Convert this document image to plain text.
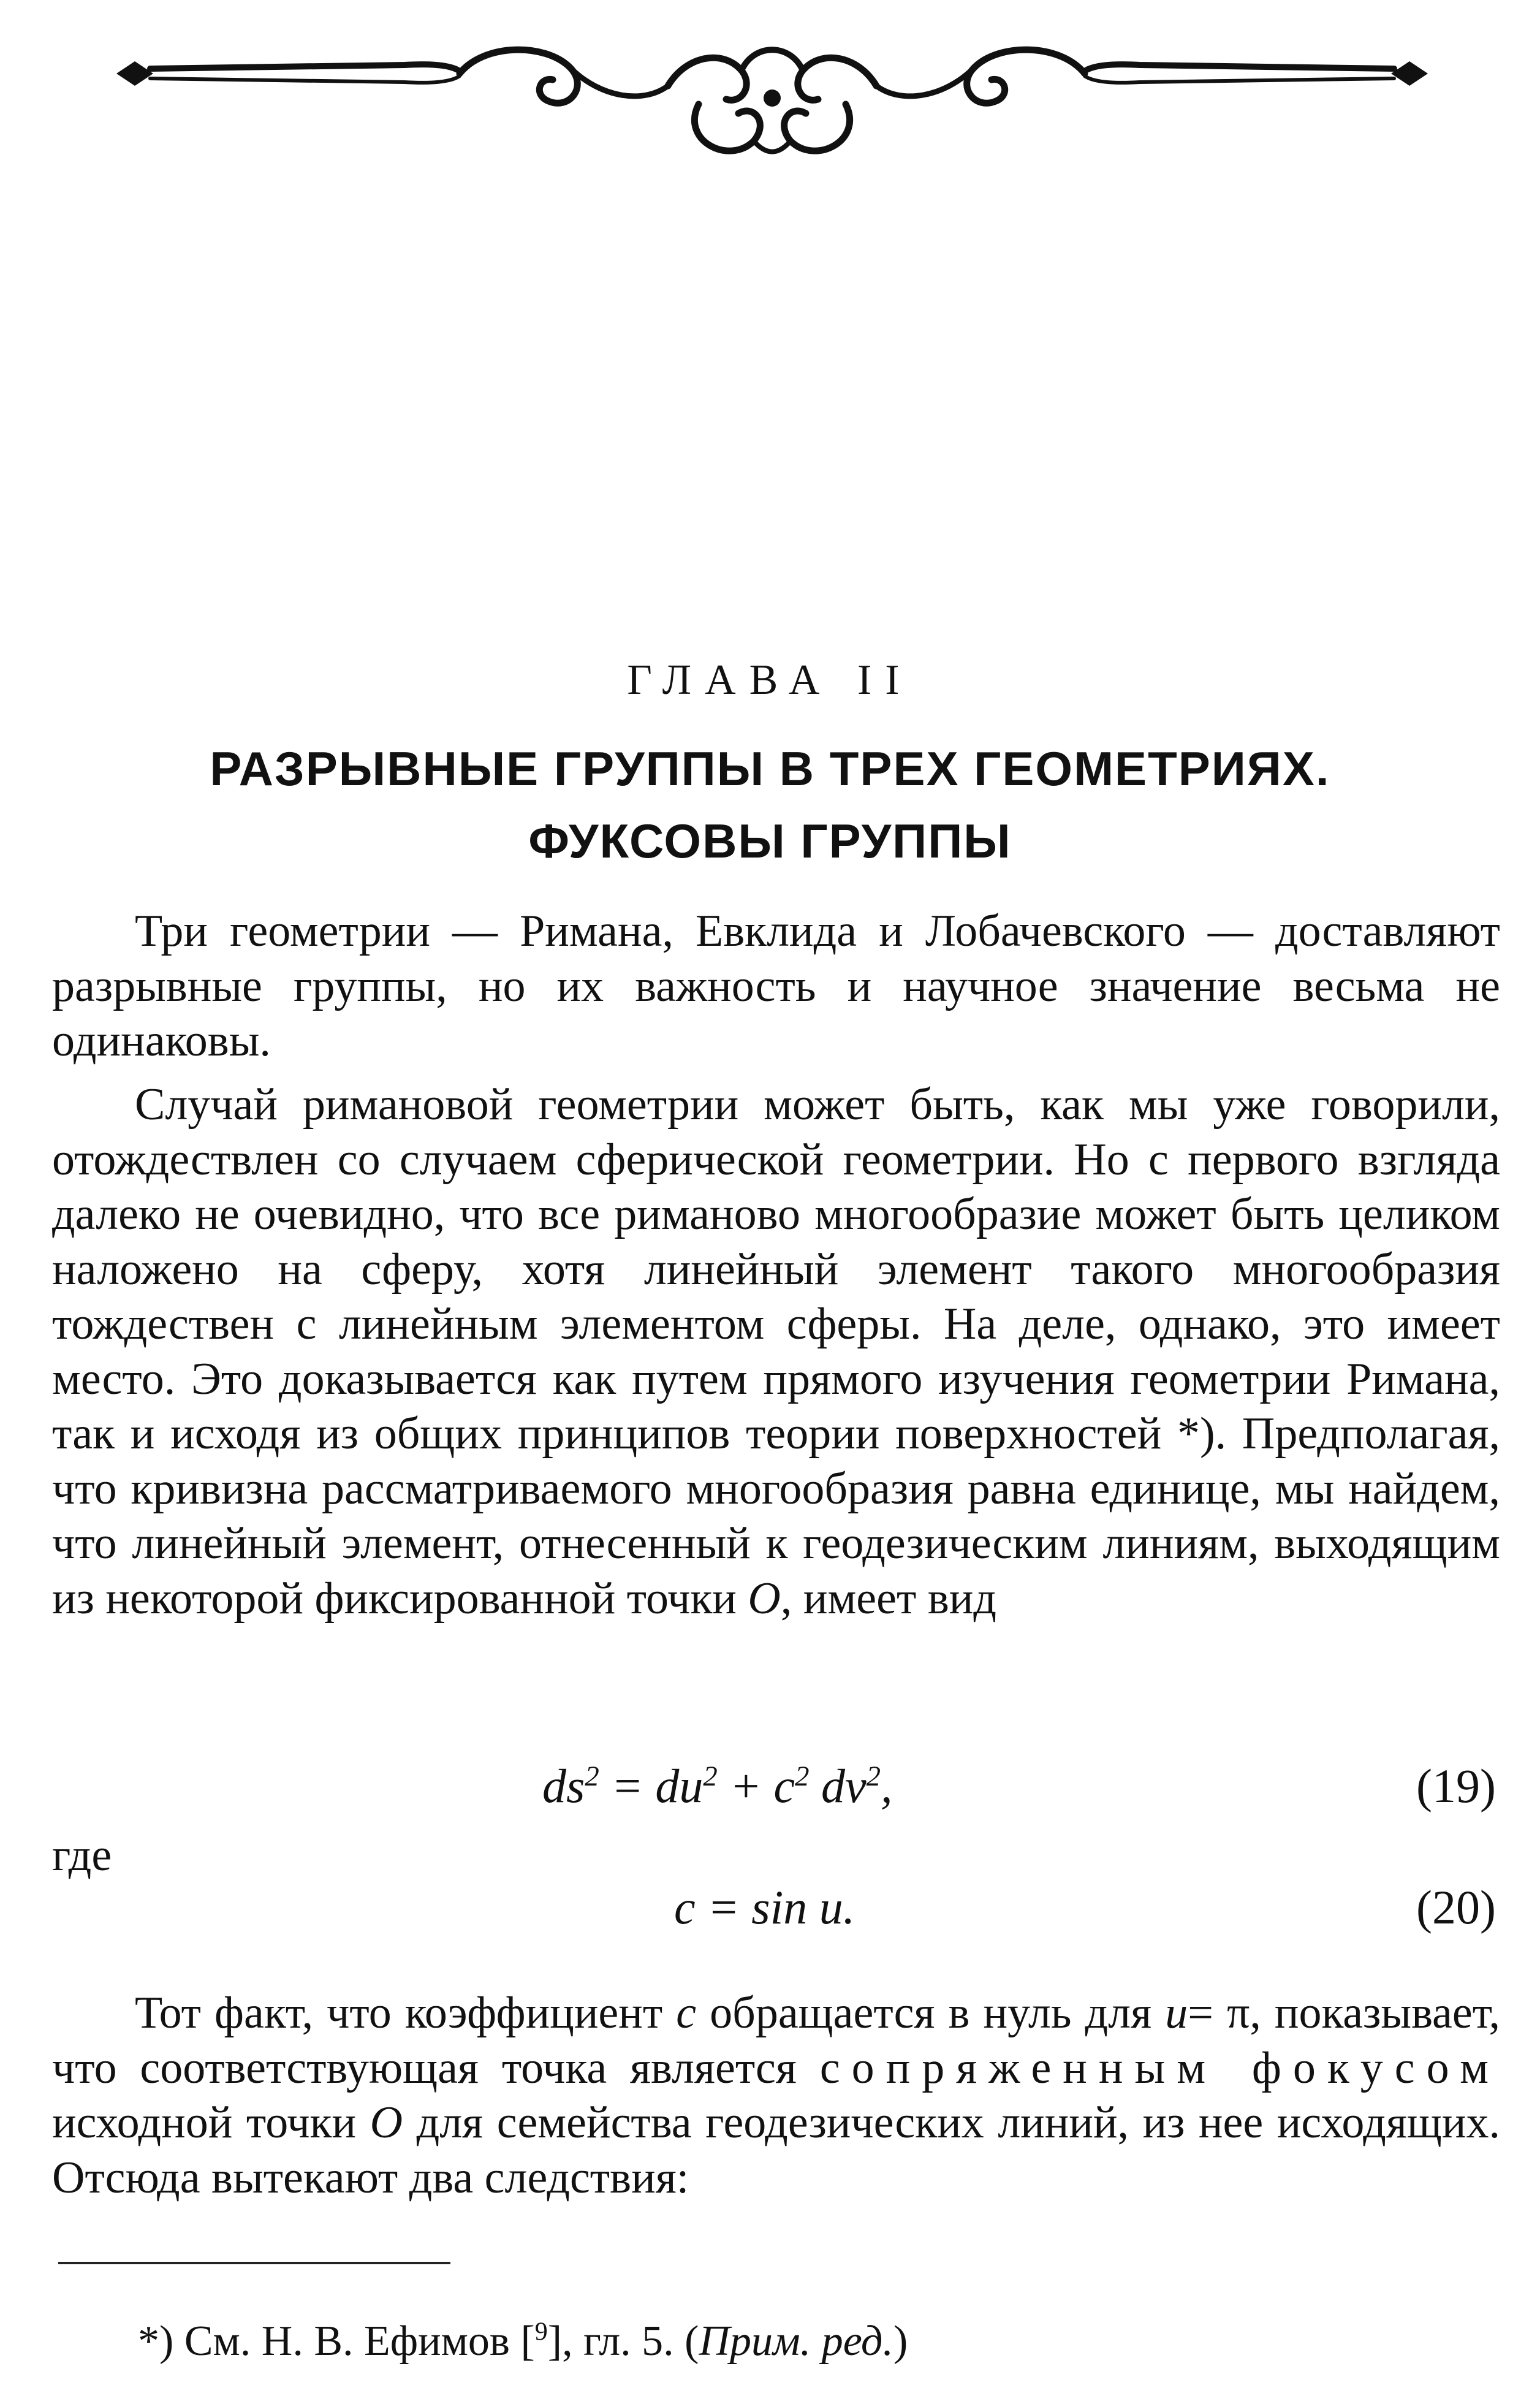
ГЛАВА II
РАЗРЫВНЫЕ ГРУППЫ В ТРЕХ ГЕОМЕТРИЯХ.
ФУКСОВЫ ГРУППЫ

Три геометрии — Римана, Евклида и Лобачевского — доставляют разрывные группы, но их важность и научное значение весьма не одинаковы.

Случай римановой геометрии может быть, как мы уже говорили, отождествлен со случаем сферической геометрии. Но с первого взгляда далеко не очевидно, что все риманово многообразие может быть целиком наложено на сферу, хотя линейный элемент такого многообразия тождествен с линейным элементом сферы. На деле, однако, это имеет место. Это доказывается как путем прямого изучения геометрии Римана, так и исходя из общих принципов теории поверхностей *). Предполагая, что кривизна рассматриваемого многообразия равна единице, мы найдем, что линейный элемент, отнесенный к геодезическим линиям, выходящим из некоторой фиксированной точки O, имеет вид

$ds^2 = du^2 + c^2$ $dv^2$,	(19)
где
c = sin u.	(20)

Тот факт, что коэффициент c обращается в нуль для u= π, показывает, что соответствующая точка является сопряженным фокусом исходной точки O для семейства геодезических линий, из нее исходящих. Отсюда вытекают два следствия:

*) См. Н. В. Ефимов [$^9$], гл. 5. (Прим. ред.)
